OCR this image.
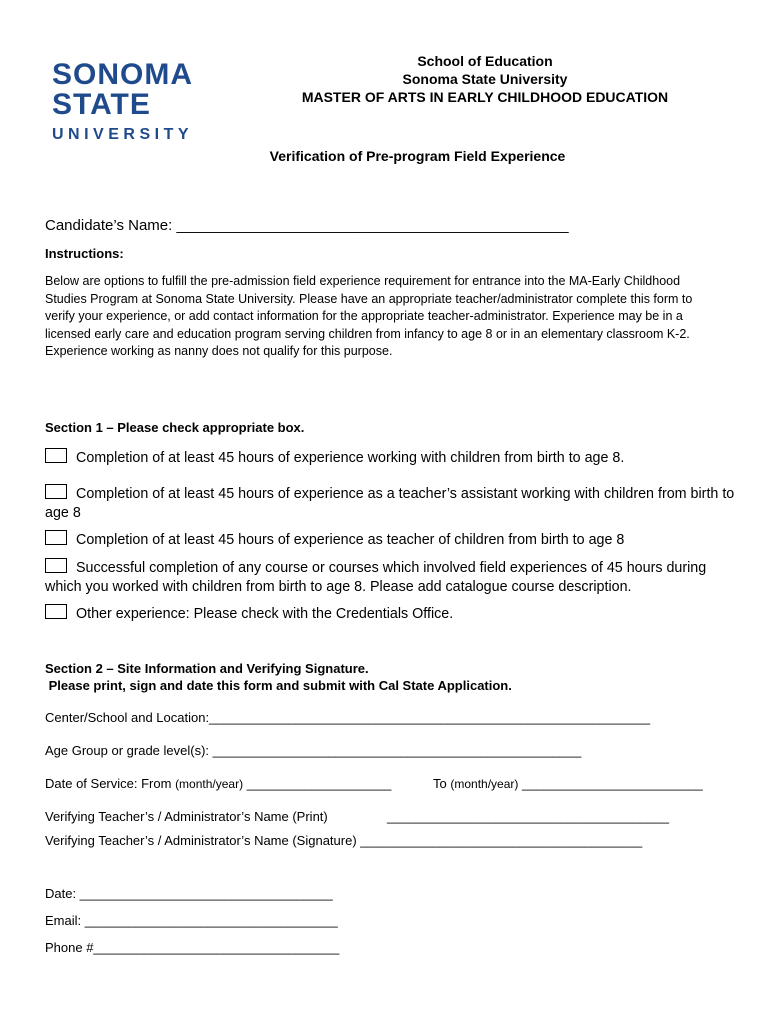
SONOMA
STATE
UNIVERSITY
School of Education
Sonoma State University
MASTER OF ARTS IN EARLY CHILDHOOD EDUCATION
Verification of Pre-program Field Experience
Candidate’s Name: _______________________________________________
Instructions:
Below are options to fulfill the pre-admission field experience requirement for entrance into the MA-Early Childhood Studies Program at Sonoma State University. Please have an appropriate teacher/administrator complete this form to verify your experience, or add contact information for the appropriate teacher-administrator. Experience may be in a licensed early care and education program serving children from infancy to age 8 or in an elementary classroom K-2. Experience working as nanny does not qualify for this purpose.
Section 1 – Please check appropriate box.
Completion of at least 45 hours of experience working with children from birth to age 8.
Completion of at least 45 hours of experience as a teacher’s assistant working with children from birth to age 8
Completion of at least 45 hours of experience as teacher of children from birth to age 8
Successful completion of any course or courses which involved field experiences of 45 hours during which you worked with children from birth to age 8. Please add catalogue course description.
Other experience: Please check with the Credentials Office.
Section 2 – Site Information and Verifying Signature.
Please print, sign and date this form and submit with Cal State Application.
Center/School and Location:_____________________________________________________________
Age Group or grade level(s): ___________________________________________________
Date of Service: From (month/year) ____________________	To (month/year) _________________________
Verifying Teacher’s / Administrator’s Name (Print)	_______________________________________
Verifying Teacher’s / Administrator’s Name (Signature) _______________________________________
Date: ___________________________________
Email: ___________________________________
Phone #__________________________________
